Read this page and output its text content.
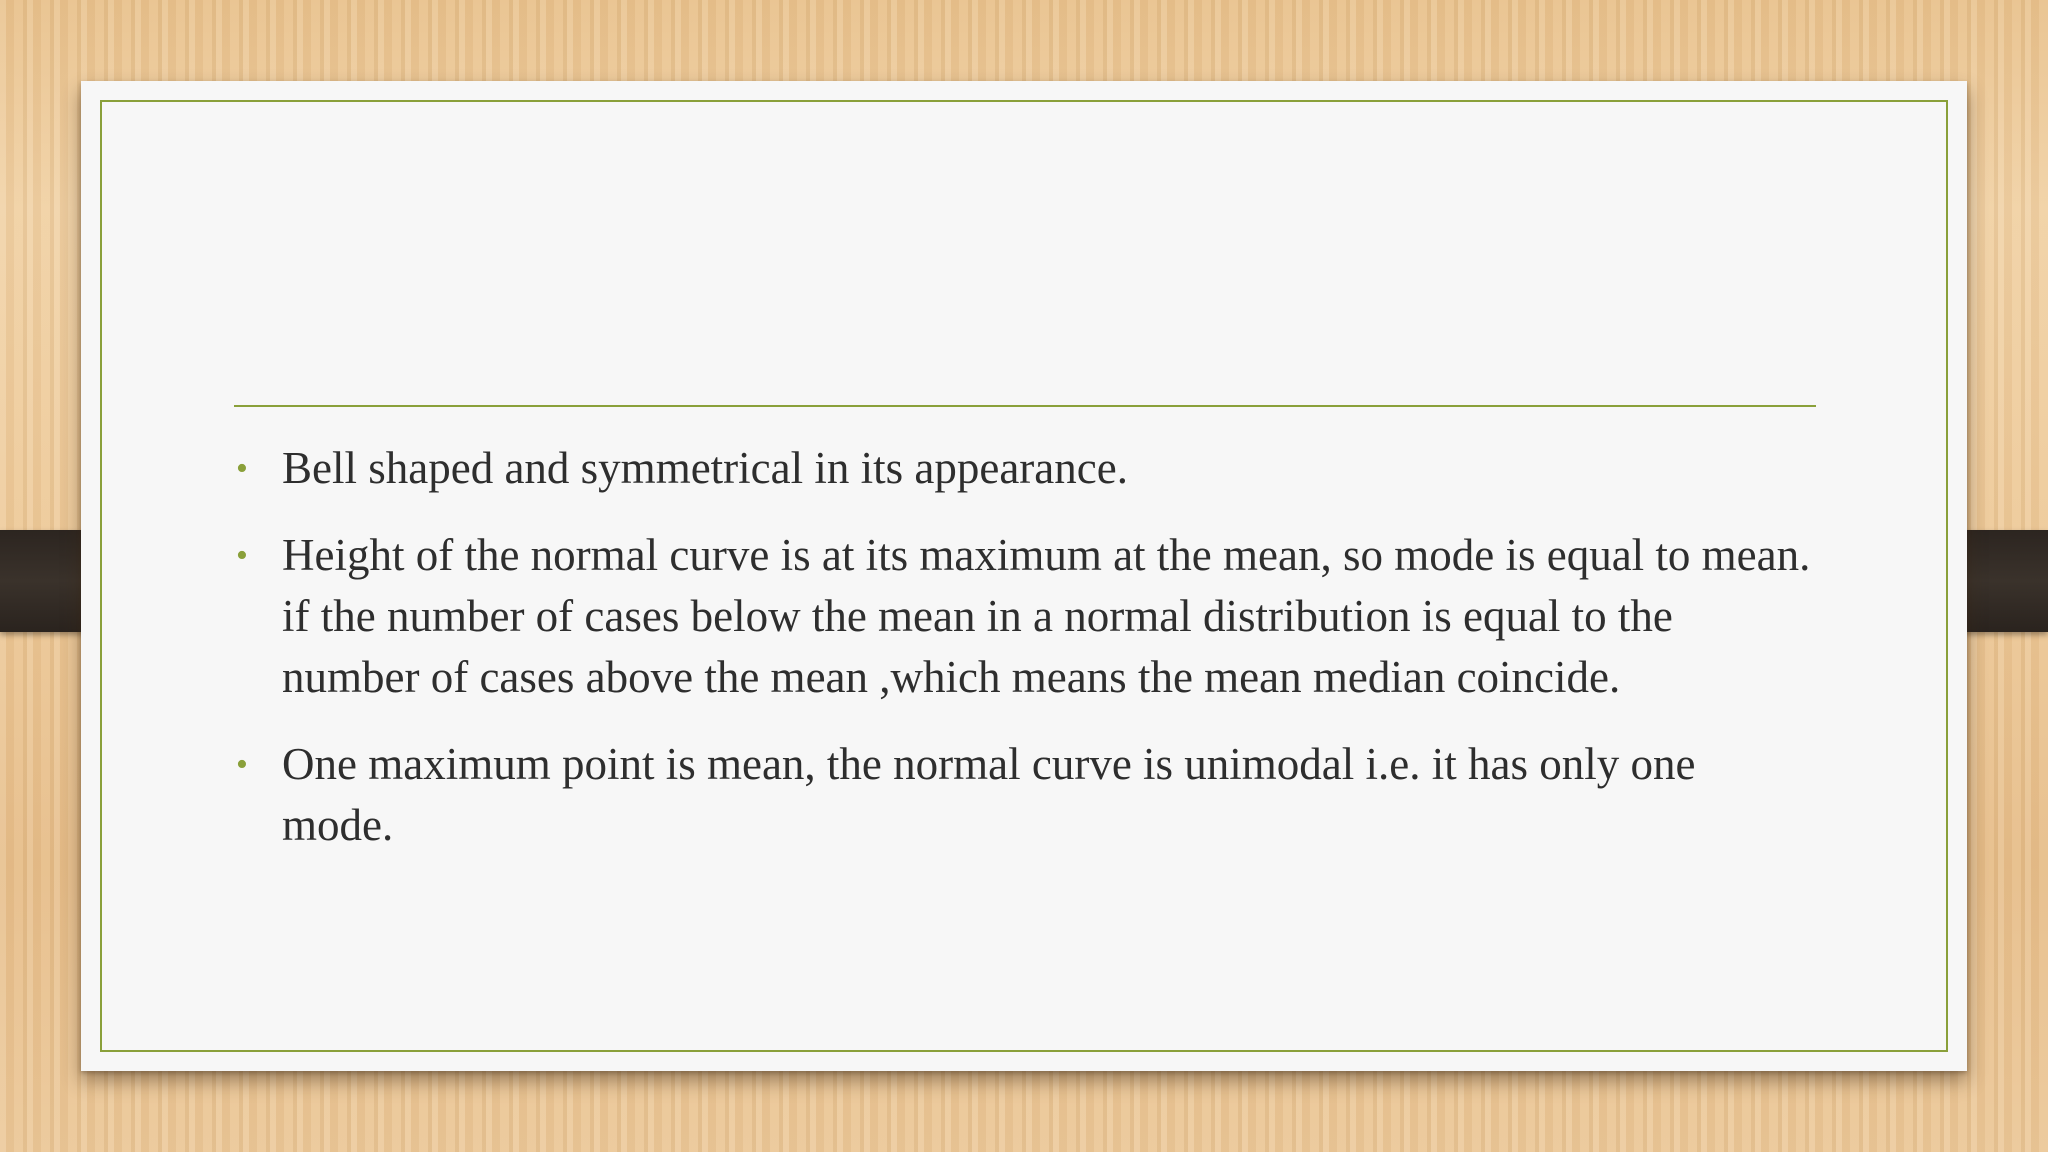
• Bell shaped and symmetrical in its appearance.
• Height of the normal curve is at its maximum at the mean, so mode is equal to mean. if the number of cases below the mean in a normal distribution is equal to the number of cases above the mean ,which means the mean median coincide.
• One maximum point is mean, the normal curve is unimodal i.e. it has only one mode.
